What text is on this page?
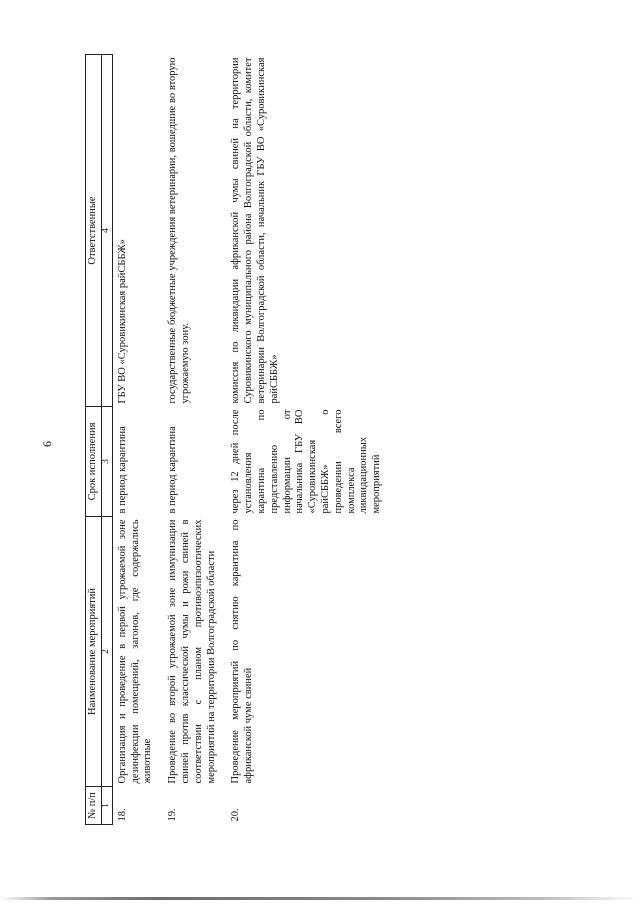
6
№ п/п	Наименование мероприятий	Срок исполнения	Ответственные
1	2	3	4
18.	Организация и проведение в первой угрожаемой зоне дезинфекции помещений, загонов, где содержались животные	в период карантина	ГБУ ВО «Суровикинская райСББЖ»
19.	Проведение во второй угрожаемой зоне иммунизации свиней против классической чумы и рожи свиней в соответствии с планом противоэпизоотических мероприятий на территории Волгоградской области	в период карантина	государственные бюджетные учреждения ветеринарии, вошедшие во вторую угрожаемую зону.
20.	Проведение мероприятий по снятию карантина по африканской чуме свиней	через 12 дней после установления карантина по представлению информации от начальника ГБУ ВО «Суровикинская райСББЖ» о проведении всего комплекса ликвидационных мероприятий	комиссия по ликвидации африканской чумы свиней на территории Суровикинского муниципального района Волгоградской области, комитет ветеринарии Волгоградской области, начальник ГБУ ВО «Суровикинская райСББЖ»
